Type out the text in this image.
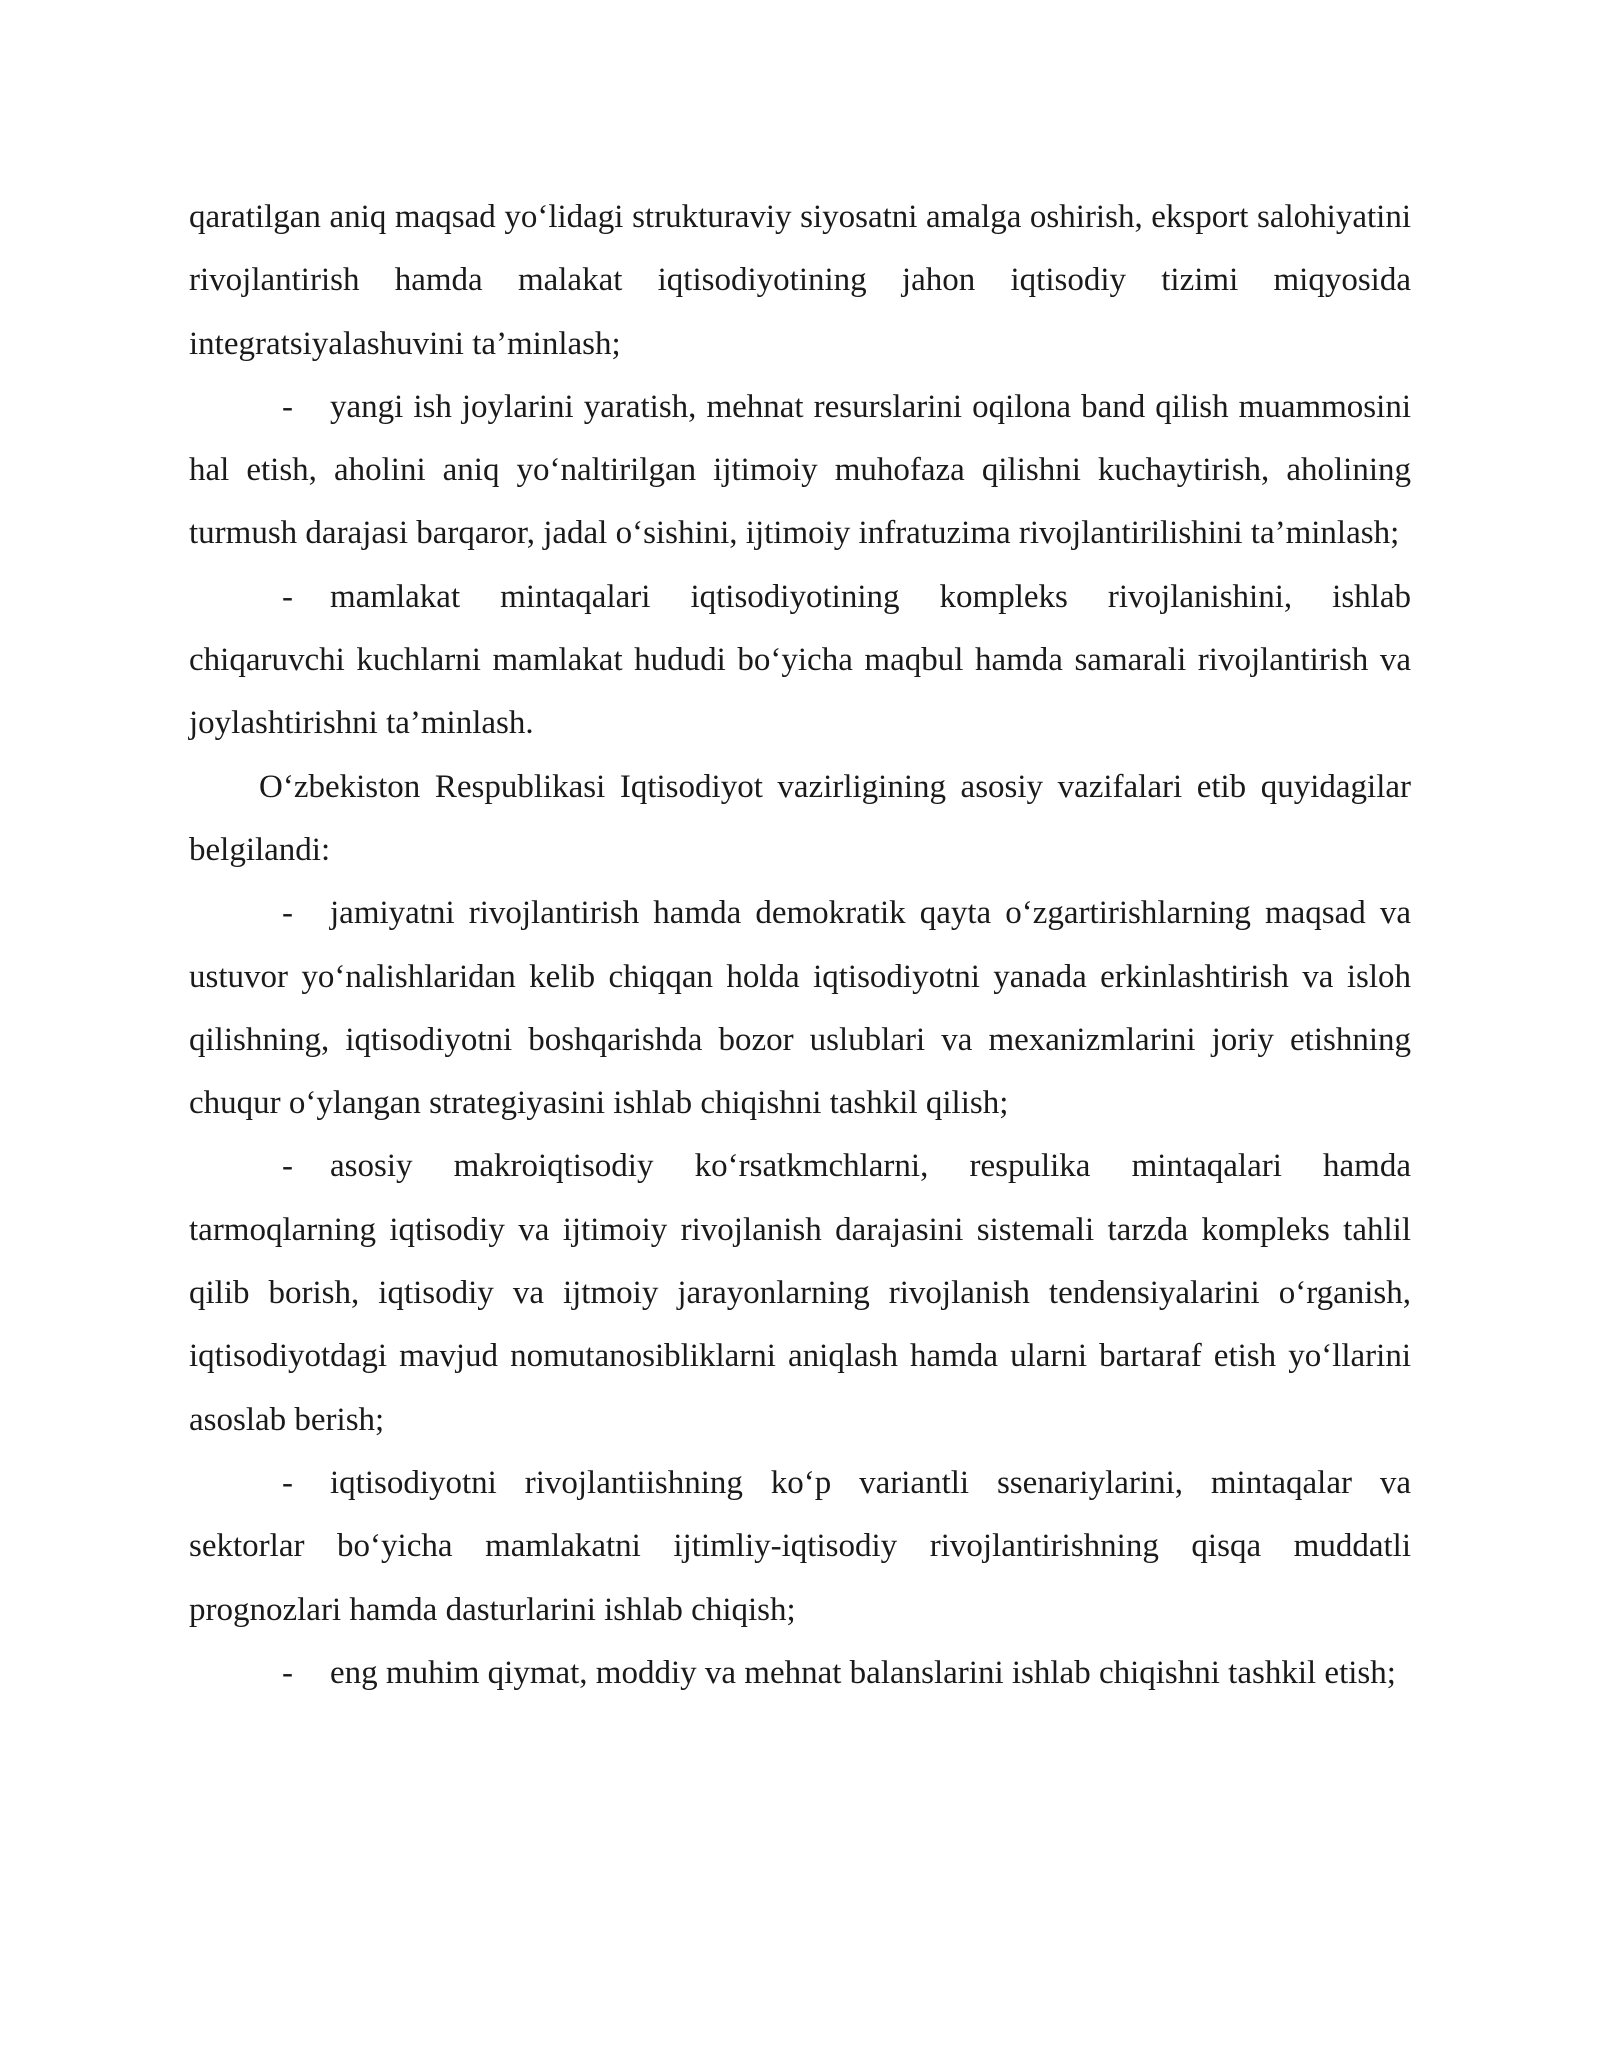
qaratilgan aniq maqsad yo‘lidagi strukturaviy siyosatni amalga oshirish, eksport salohiyatini rivojlantirish hamda malakat iqtisodiyotining jahon iqtisodiy tizimi miqyosida integratsiyalashuvini ta’minlash;

- yangi ish joylarini yaratish, mehnat resurslarini oqilona band qilish muammosini hal etish, aholini aniq yo‘naltirilgan ijtimoiy muhofaza qilishni kuchaytirish, aholining turmush darajasi barqaror, jadal o‘sishini, ijtimoiy infratuzima rivojlantirilishini ta’minlash;

- mamlakat mintaqalari iqtisodiyotining kompleks rivojlanishini, ishlab chiqaruvchi kuchlarni mamlakat hududi bo‘yicha maqbul hamda samarali rivojlantirish va joylashtirishni ta’minlash.

O‘zbekiston Respublikasi Iqtisodiyot vazirligining asosiy vazifalari etib quyidagilar belgilandi:

- jamiyatni rivojlantirish hamda demokratik qayta o‘zgartirishlarning maqsad va ustuvor yo‘nalishlaridan kelib chiqqan holda iqtisodiyotni yanada erkinlashtirish va isloh qilishning, iqtisodiyotni boshqarishda bozor uslublari va mexanizmlarini joriy etishning chuqur o‘ylangan strategiyasini ishlab chiqishni tashkil qilish;

- asosiy makroiqtisodiy ko‘rsatkmchlarni, respulika mintaqalari hamda tarmoqlarning iqtisodiy va ijtimoiy rivojlanish darajasini sistemali tarzda kompleks tahlil qilib borish, iqtisodiy va ijtmoiy jarayonlarning rivojlanish tendensiyalarini o‘rganish, iqtisodiyotdagi mavjud nomutanosibliklarni aniqlash hamda ularni bartaraf etish yo‘llarini asoslab berish;

- iqtisodiyotni rivojlantiishning ko‘p variantli ssenariylarini, mintaqalar va sektorlar bo‘yicha mamlakatni ijtimliy-iqtisodiy rivojlantirishning qisqa muddatli prognozlari hamda dasturlarini ishlab chiqish;

- eng muhim qiymat, moddiy va mehnat balanslarini ishlab chiqishni tashkil etish;
